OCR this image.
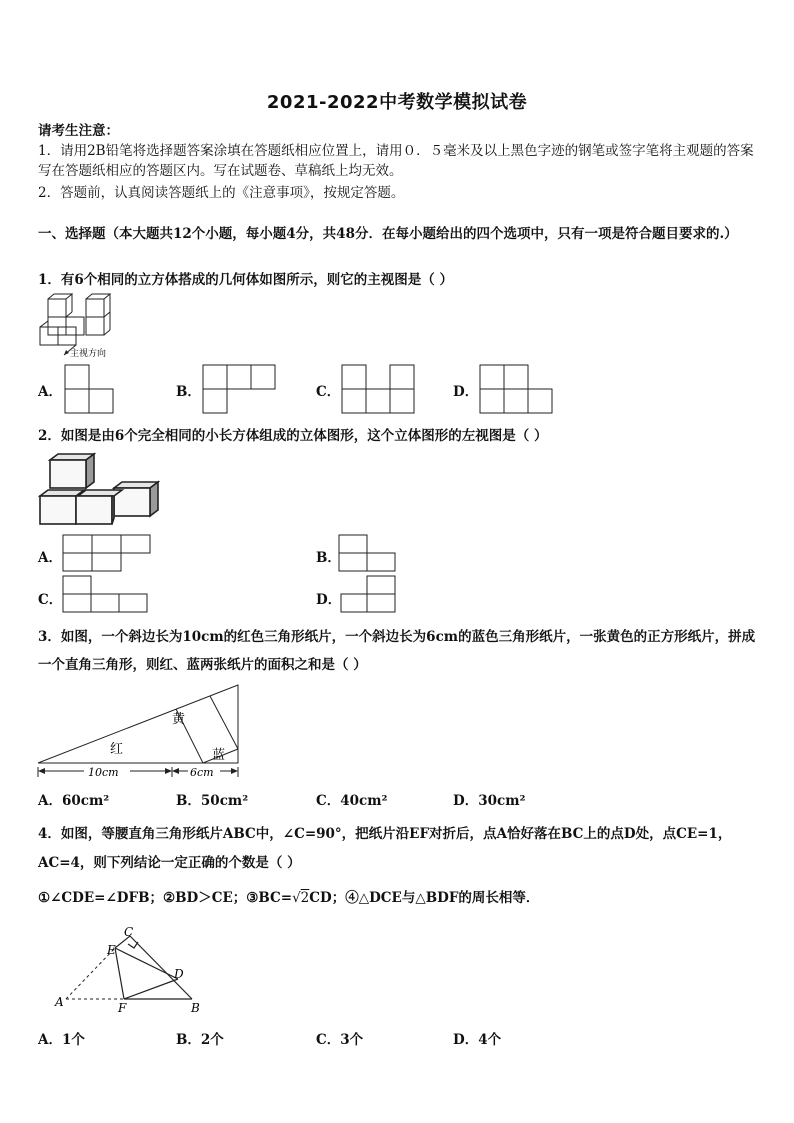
2021-2022中考数学模拟试卷
请考生注意：
1．请用2B铅笔将选择题答案涂填在答题纸相应位置上，请用０．５毫米及以上黑色字迹的钢笔或签字笔将主观题的答案写在答题纸相应的答题区内。写在试题卷、草稿纸上均无效。
2．答题前，认真阅读答题纸上的《注意事项》，按规定答题。
一、选择题（本大题共12个小题，每小题4分，共48分．在每小题给出的四个选项中，只有一项是符合题目要求的.）
1．有6个相同的立方体搭成的几何体如图所示，则它的主视图是（ ）
主视方向
A．	B．	C．	D．
2．如图是由6个完全相同的小长方体组成的立体图形，这个立体图形的左视图是（ ）
A．	B．
C．	D．
3．如图，一个斜边长为10cm的红色三角形纸片，一个斜边长为6cm的蓝色三角形纸片，一张黄色的正方形纸片，拼成一个直角三角形，则红、蓝两张纸片的面积之和是（ ）
红
黄
蓝
10cm	6cm
A．60cm²	B．50cm²	C．40cm²	D．30cm²
4．如图，等腰直角三角形纸片ABC中，∠C=90°，把纸片沿EF对折后，点A恰好落在BC上的点D处，点CE=1，AC=4，则下列结论一定正确的个数是（ ）
①∠CDE=∠DFB；②BD＞CE；③BC=√2CD；④△DCE与△BDF的周长相等．
C
E
D
A	F	B
A．1个	B．2个	C．3个	D．4个
